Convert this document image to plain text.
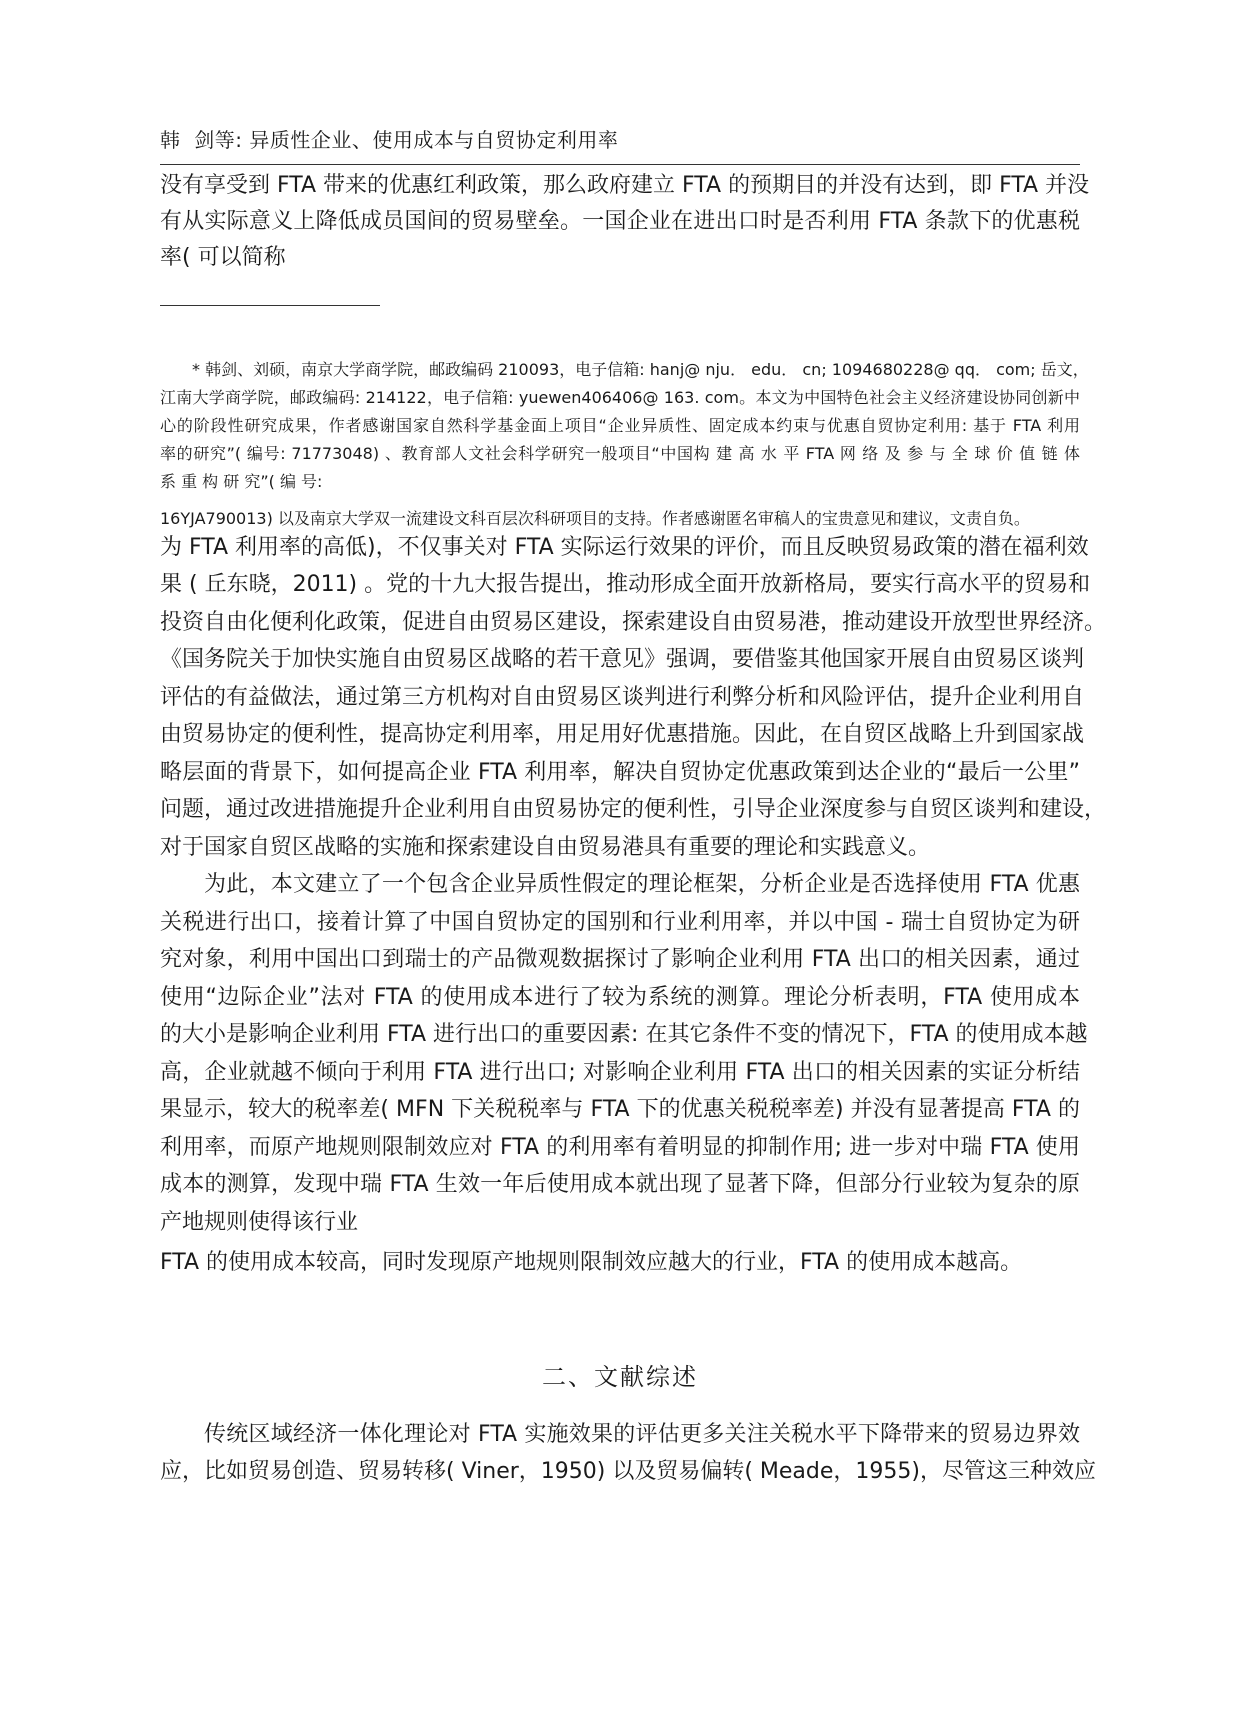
韩  剑等: 异质性企业、使用成本与自贸协定利用率
没有享受到 FTA 带来的优惠红利政策，那么政府建立 FTA 的预期目的并没有达到，即 FTA 并没
有从实际意义上降低成员国间的贸易壁垒。一国企业在进出口时是否利用 FTA 条款下的优惠税
率( 可以简称
* 韩剑、刘硕，南京大学商学院，邮政编码 210093，电子信箱: hanj@ nju． edu． cn; 1094680228@ qq． com; 岳文，
江南大学商学院，邮政编码: 214122，电子信箱: yuewen406406@ 163. com。本文为中国特色社会主义经济建设协同创新中
心的阶段性研究成果，作者感谢国家自然科学基金面上项目“企业异质性、固定成本约束与优惠自贸协定利用: 基于 FTA 利用
率的研究”( 编号: 71773048) 、教育部人文社会科学研究一般项目“中国构 建 高 水 平 FTA 网 络 及 参 与 全 球 价 值 链 体
系 重 构 研 究”( 编 号:
16YJA790013) 以及南京大学双一流建设文科百层次科研项目的支持。作者感谢匿名审稿人的宝贵意见和建议，文责自负。
为 FTA 利用率的高低)，不仅事关对 FTA 实际运行效果的评价，而且反映贸易政策的潜在福利效
果 ( 丘东晓，2011) 。党的十九大报告提出，推动形成全面开放新格局，要实行高水平的贸易和
投资自由化便利化政策，促进自由贸易区建设，探索建设自由贸易港，推动建设开放型世界经济。
《国务院关于加快实施自由贸易区战略的若干意见》强调，要借鉴其他国家开展自由贸易区谈判
评估的有益做法，通过第三方机构对自由贸易区谈判进行利弊分析和风险评估，提升企业利用自
由贸易协定的便利性，提高协定利用率，用足用好优惠措施。因此，在自贸区战略上升到国家战
略层面的背景下，如何提高企业 FTA 利用率，解决自贸协定优惠政策到达企业的“最后一公里”
问题，通过改进措施提升企业利用自由贸易协定的便利性，引导企业深度参与自贸区谈判和建设，
对于国家自贸区战略的实施和探索建设自由贸易港具有重要的理论和实践意义。
为此，本文建立了一个包含企业异质性假定的理论框架，分析企业是否选择使用 FTA 优惠
关税进行出口，接着计算了中国自贸协定的国别和行业利用率，并以中国 - 瑞士自贸协定为研
究对象，利用中国出口到瑞士的产品微观数据探讨了影响企业利用 FTA 出口的相关因素，通过
使用“边际企业”法对 FTA 的使用成本进行了较为系统的测算。理论分析表明，FTA 使用成本
的大小是影响企业利用 FTA 进行出口的重要因素: 在其它条件不变的情况下，FTA 的使用成本越
高，企业就越不倾向于利用 FTA 进行出口; 对影响企业利用 FTA 出口的相关因素的实证分析结
果显示，较大的税率差( MFN 下关税税率与 FTA 下的优惠关税税率差) 并没有显著提高 FTA 的
利用率，而原产地规则限制效应对 FTA 的利用率有着明显的抑制作用; 进一步对中瑞 FTA 使用
成本的测算，发现中瑞 FTA 生效一年后使用成本就出现了显著下降，但部分行业较为复杂的原
产地规则使得该行业
FTA 的使用成本较高，同时发现原产地规则限制效应越大的行业，FTA 的使用成本越高。
二、文献综述
传统区域经济一体化理论对 FTA 实施效果的评估更多关注关税水平下降带来的贸易边界效
应，比如贸易创造、贸易转移( Viner，1950) 以及贸易偏转( Meade，1955)，尽管这三种效应
